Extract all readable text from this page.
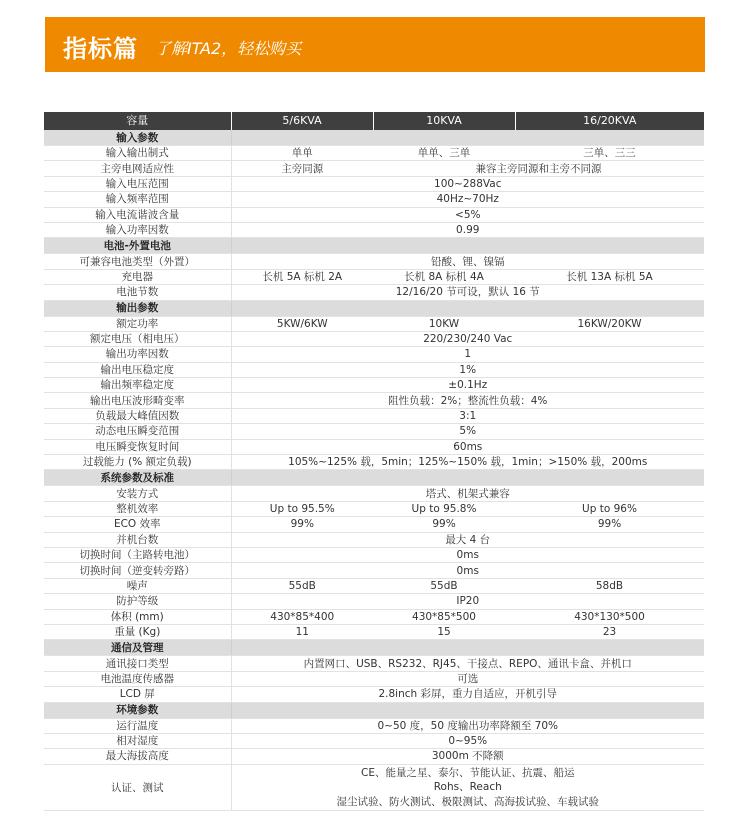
指标篇 了解ITA2，轻松购买
容量	5/6KVA	10KVA	16/20KVA
输入参数			
输入输出制式	单单	单单、三单	三单、三三
主旁电网适应性	主旁同源	兼容主旁同源和主旁不同源	
输入电压范围	100~288Vac		
输入频率范围	40Hz~70Hz		
输入电流谐波含量	<5%		
输入功率因数	0.99		
电池-外置电池			
可兼容电池类型（外置）	铅酸、锂、镍镉		
充电器	长机 5A 标机 2A	长机 8A 标机 4A	长机 13A 标机 5A
电池节数	12/16/20 节可设，默认 16 节		
输出参数			
额定功率	5KW/6KW	10KW	16KW/20KW
额定电压（相电压）	220/230/240 Vac		
输出功率因数	1		
输出电压稳定度	1%		
输出频率稳定度	±0.1Hz		
输出电压波形畸变率	阻性负载：2%；整流性负载：4%		
负载最大峰值因数	3:1		
动态电压瞬变范围	5%		
电压瞬变恢复时间	60ms		
过载能力 (% 额定负载)	105%~125% 载，5min；125%~150% 载，1min；>150% 载，200ms		
系统参数及标准			
安装方式	塔式、机架式兼容		
整机效率	Up to 95.5%	Up to 95.8%	Up to 96%
ECO 效率	99%	99%	99%
并机台数	最大 4 台		
切换时间（主路转电池）	0ms		
切换时间（逆变转旁路）	0ms		
噪声	55dB	55dB	58dB
防护等级	IP20		
体积 (mm)	430*85*400	430*85*500	430*130*500
重量 (Kg)	11	15	23
通信及管理			
通讯接口类型	内置网口、USB、RS232、RJ45、干接点、REPO、通讯卡盒、并机口		
电池温度传感器	可选		
LCD 屏	2.8inch 彩屏，重力自适应，开机引导		
环境参数			
运行温度	0~50 度，50 度输出功率降额至 70%		
相对湿度	0~95%		
最大海拔高度	3000m 不降额		
认证、测试	CE、能量之星、泰尔、节能认证、抗震、船运
Rohs、Reach
湿尘试验、防火测试、极限测试、高海拔试验、车载试验		
